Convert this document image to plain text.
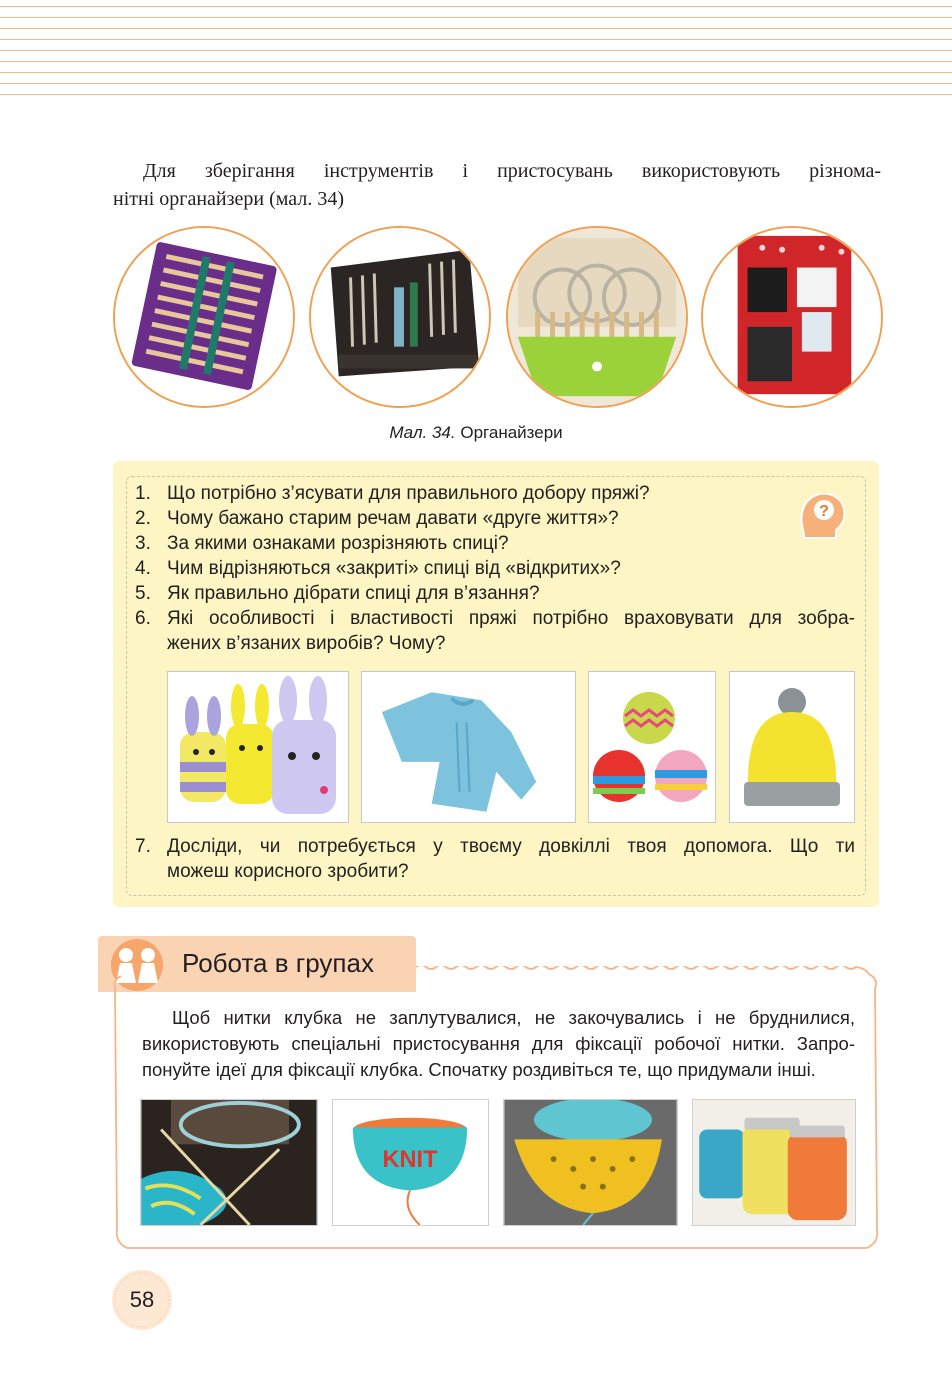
Для зберігання інструментів і пристосувань використовують різнома-
нітні органайзери (мал. 34)
Мал. 34. Органайзери
1. Що потрібно з’ясувати для правильного добору пряжі?
2. Чому бажано старим речам давати «друге життя»?
3. За якими ознаками розрізняють спиці?
4. Чим відрізняються «закриті» спиці від «відкритих»?
5. Як правильно дібрати спиці для в’язання?
6. Які особливості і властивості пряжі потрібно враховувати для зобра-
жених в’язаних виробів? Чому?
7. Досліди, чи потребується у твоєму довкіллі твоя допомога. Що ти
можеш корисного зробити?
?
Робота в групах
Щоб нитки клубка не заплутувалися, не закочувались і не бруднилися,
використовують спеціальні пристосування для фіксації робочої нитки. Запро-
понуйте ідеї для фіксації клубка. Спочатку роздивіться те, що придумали інші.
KNIT
58
